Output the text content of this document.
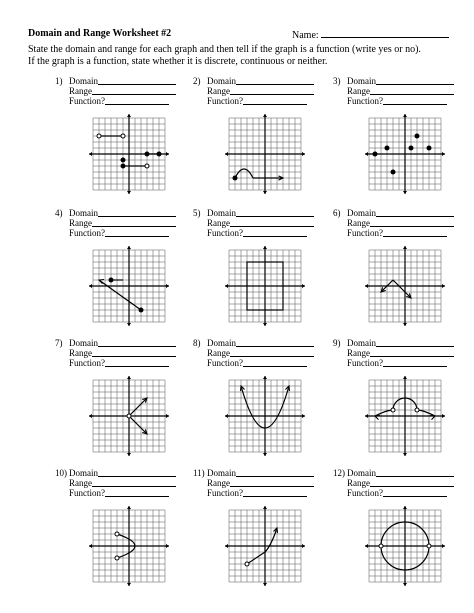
Domain and Range Worksheet #2	Name:
State the domain and range for each graph and then tell if the graph is a function (write yes or no).
If the graph is a function, state whether it is discrete, continuous or neither.
1) Domain
Range
Function?
2) Domain
Range
Function?
3) Domain
Range
Function?
4) Domain
Range
Function?
5) Domain
Range
Function?
6) Domain
Range
Function?
7) Domain
Range
Function?
8) Domain
Range
Function?
9) Domain
Range
Function?
10) Domain
Range
Function?
11) Domain
Range
Function?
12) Domain
Range
Function?
